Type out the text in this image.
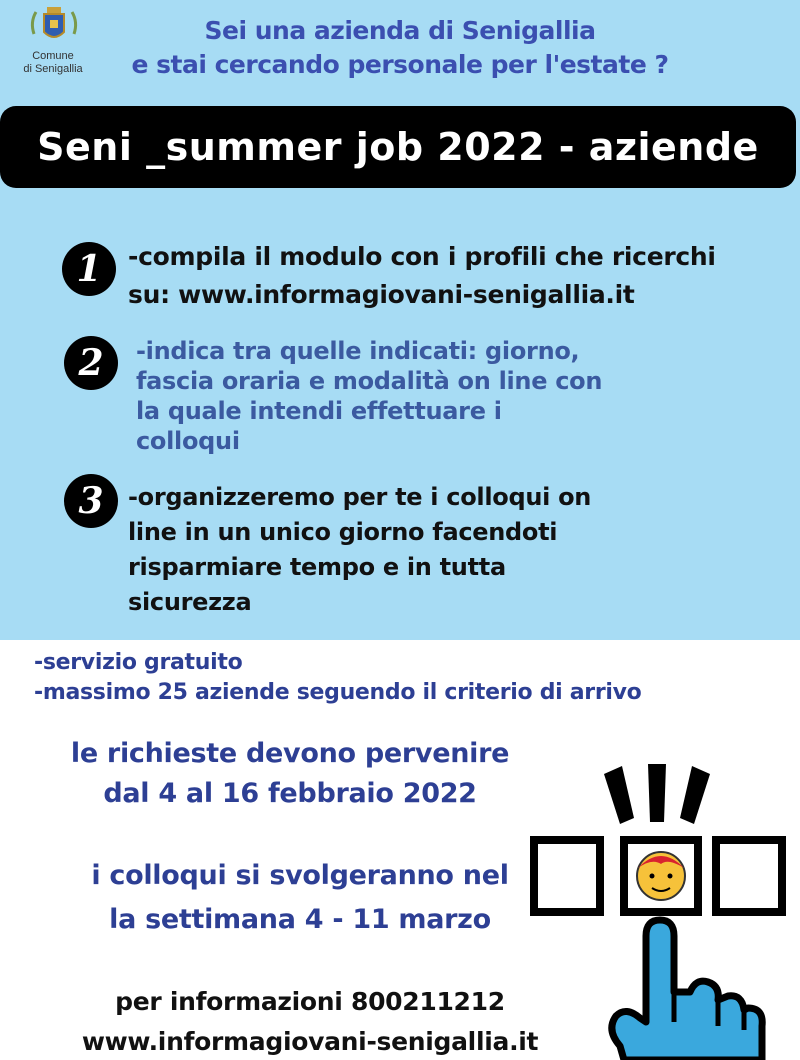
Comune
di Senigallia
Sei una azienda di Senigallia
e stai cercando personale per l'estate ?
Seni _summer job 2022 - aziende
1	-compila il modulo con i profili che ricerchi
su: www.informagiovani-senigallia.it
2	-indica tra quelle indicati: giorno,
fascia oraria e modalità on line con
la quale intendi effettuare i
colloqui
3	-organizzeremo per te i colloqui on
line in un unico giorno facendoti
risparmiare tempo e in tutta
sicurezza
-servizio gratuito
-massimo 25 aziende seguendo il criterio di arrivo
le richieste devono pervenire
dal 4 al 16 febbraio 2022
i colloqui si svolgeranno nel
la settimana 4 - 11 marzo
per informazioni 800211212
www.informagiovani-senigallia.it
